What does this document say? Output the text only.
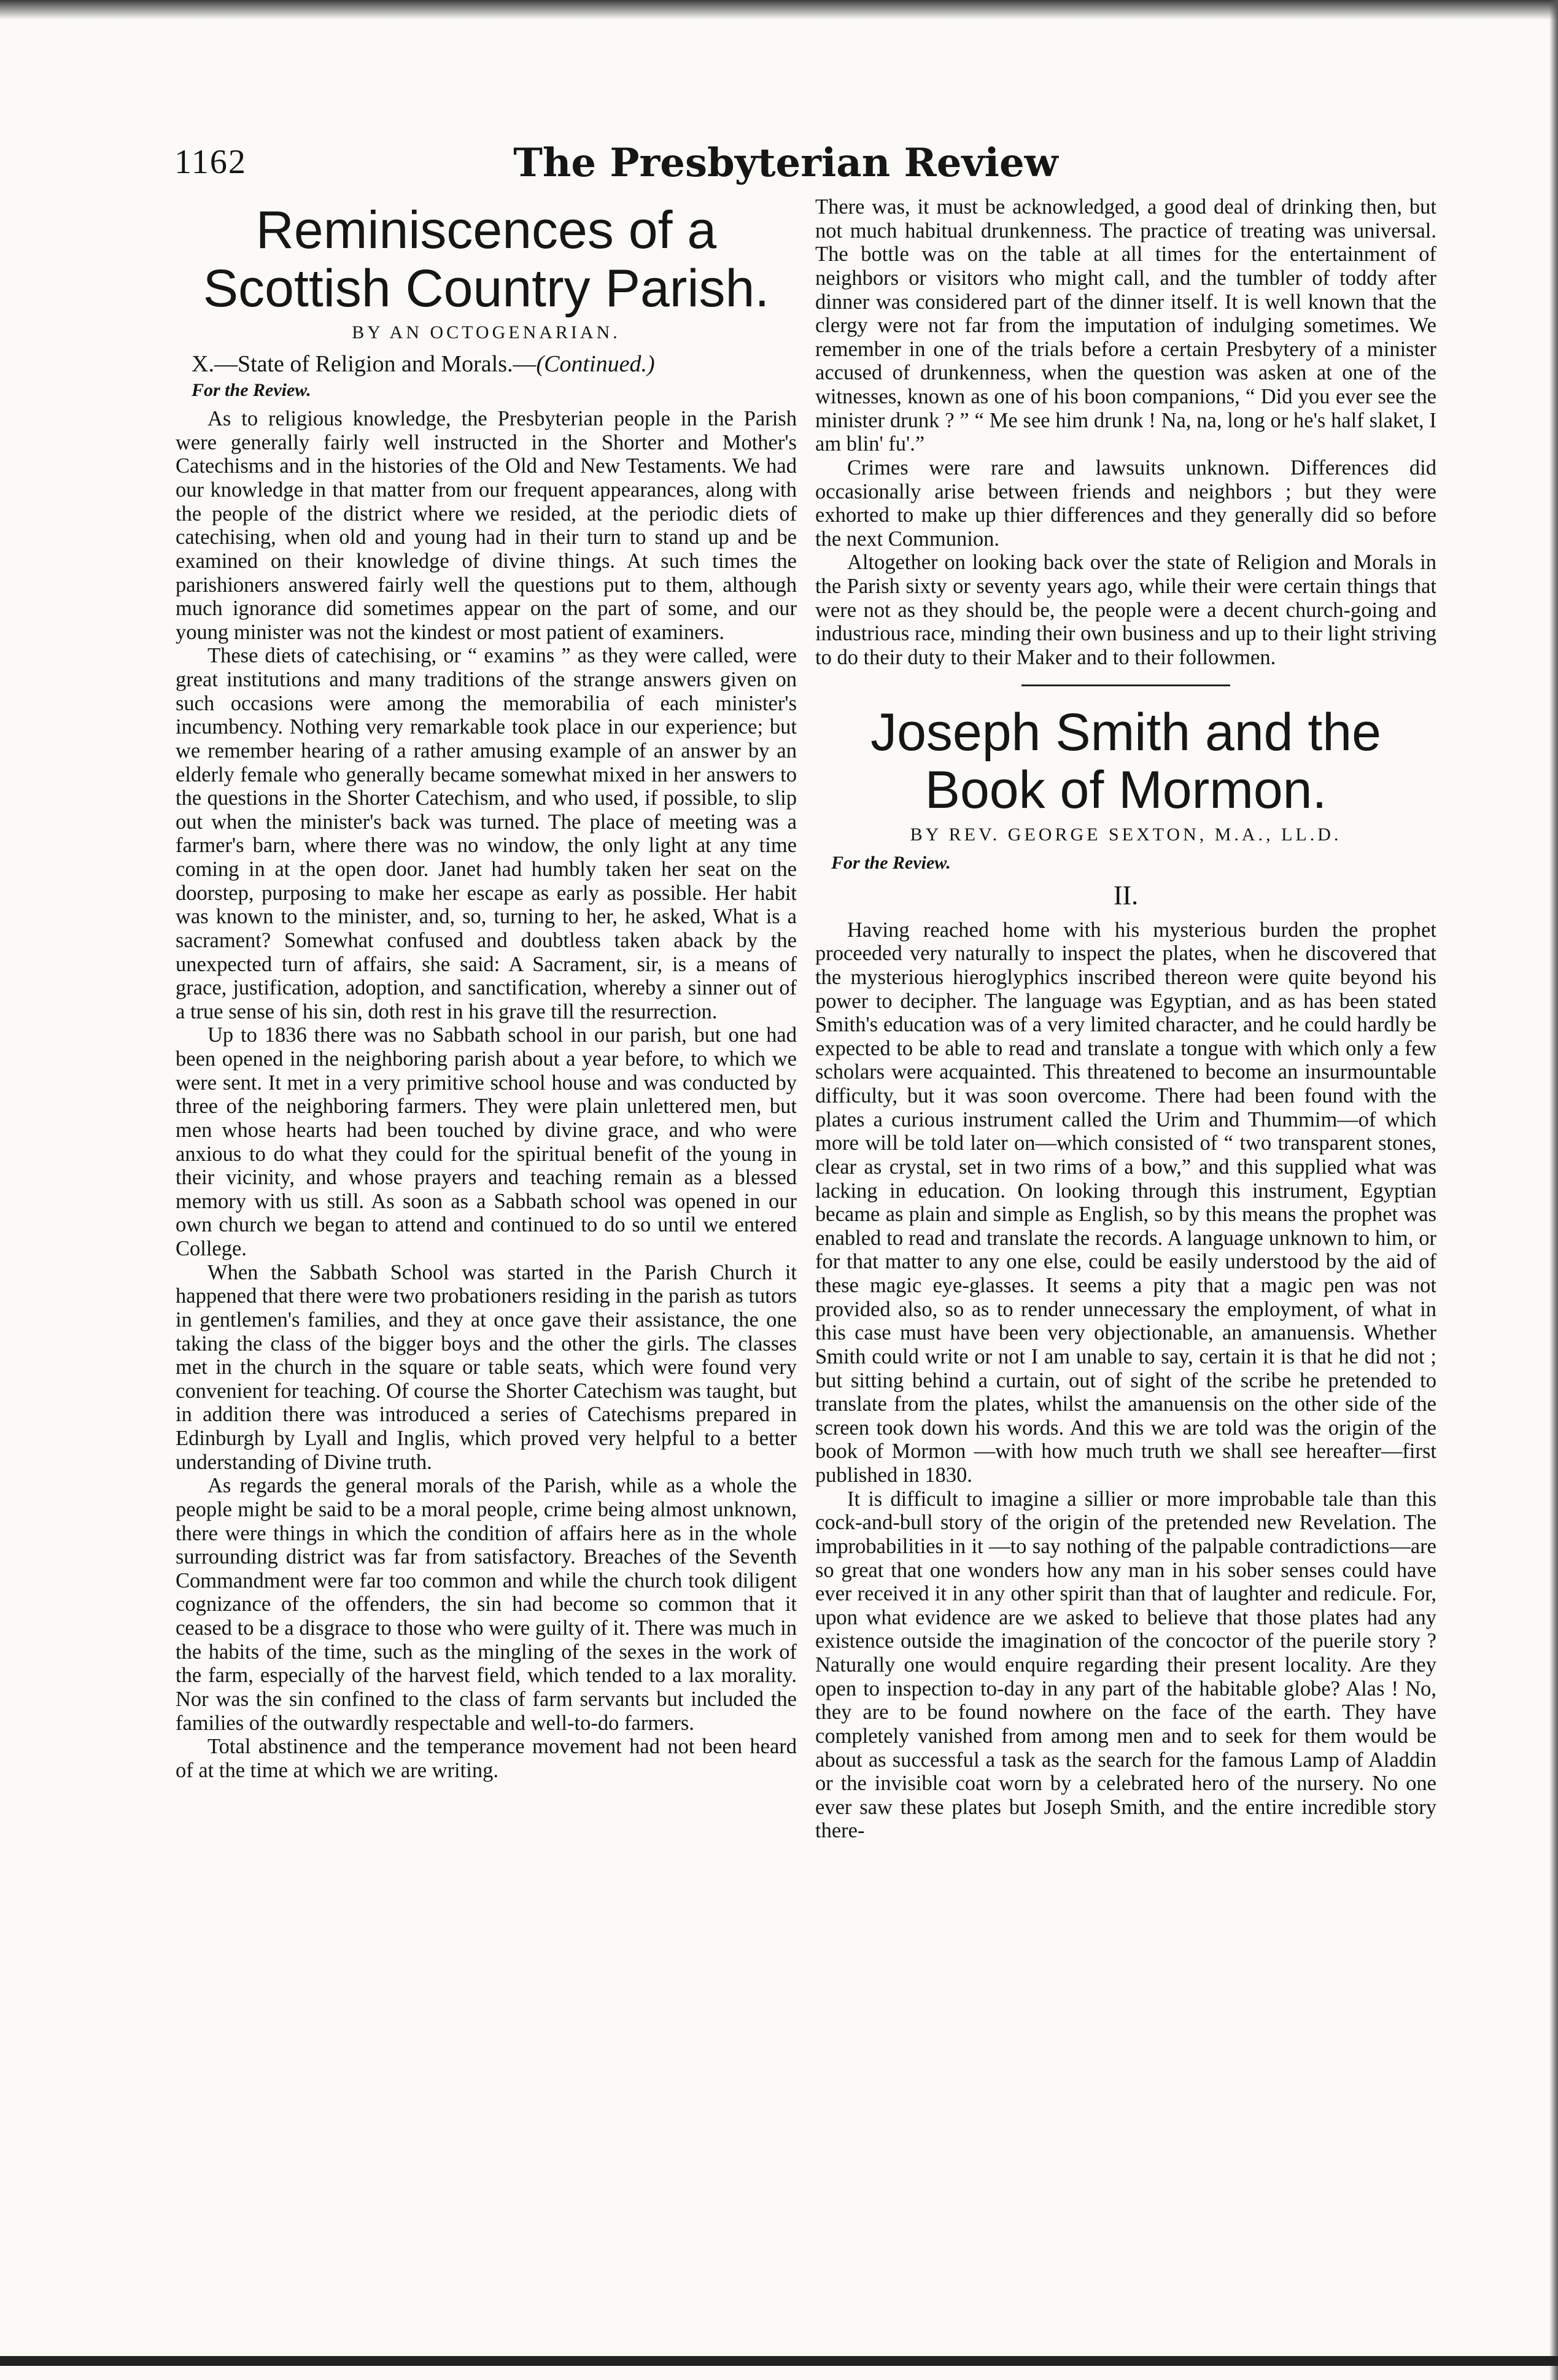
1162	The Presbyterian Review
Reminiscences of a Scottish Country Parish.
BY AN OCTOGENARIAN.
X.—State of Religion and Morals.—(Continued.)
For the Review.

As to religious knowledge, the Presbyterian people in the Parish were generally fairly well instructed in the Shorter and Mother's Catechisms and in the histories of the Old and New Testaments. We had our knowledge in that matter from our frequent appearances, along with the people of the district where we resided, at the periodic diets of catechising, when old and young had in their turn to stand up and be examined on their knowledge of divine things. At such times the parishioners answered fairly well the questions put to them, although much ignorance did sometimes appear on the part of some, and our young minister was not the kindest or most patient of examiners.

These diets of catechising, or “ examins ” as they were called, were great institutions and many traditions of the strange answers given on such occasions were among the memorabilia of each minister's incumbency. Nothing very remarkable took place in our experience; but we remember hearing of a rather amusing example of an answer by an elderly female who generally became somewhat mixed in her answers to the questions in the Shorter Catechism, and who used, if possible, to slip out when the minister's back was turned. The place of meeting was a farmer's barn, where there was no window, the only light at any time coming in at the open door. Janet had humbly taken her seat on the doorstep, purposing to make her escape as early as possible. Her habit was known to the minister, and, so, turning to her, he asked, What is a sacrament? Somewhat confused and doubtless taken aback by the unexpected turn of affairs, she said: A Sacrament, sir, is a means of grace, justification, adoption, and sanctification, whereby a sinner out of a true sense of his sin, doth rest in his grave till the resurrection.

Up to 1836 there was no Sabbath school in our parish, but one had been opened in the neighboring parish about a year before, to which we were sent. It met in a very primitive school house and was conducted by three of the neighboring farmers. They were plain unlettered men, but men whose hearts had been touched by divine grace, and who were anxious to do what they could for the spiritual benefit of the young in their vicinity, and whose prayers and teaching remain as a blessed memory with us still. As soon as a Sabbath school was opened in our own church we began to attend and continued to do so until we entered College.

When the Sabbath School was started in the Parish Church it happened that there were two probationers residing in the parish as tutors in gentlemen's families, and they at once gave their assistance, the one taking the class of the bigger boys and the other the girls. The classes met in the church in the square or table seats, which were found very convenient for teaching. Of course the Shorter Catechism was taught, but in addition there was introduced a series of Catechisms prepared in Edinburgh by Lyall and Inglis, which proved very helpful to a better understanding of Divine truth.

As regards the general morals of the Parish, while as a whole the people might be said to be a moral people, crime being almost unknown, there were things in which the condition of affairs here as in the whole surrounding district was far from satisfactory. Breaches of the Seventh Commandment were far too common and while the church took diligent cognizance of the offenders, the sin had become so common that it ceased to be a disgrace to those who were guilty of it. There was much in the habits of the time, such as the mingling of the sexes in the work of the farm, especially of the harvest field, which tended to a lax morality. Nor was the sin confined to the class of farm servants but included the families of the outwardly respectable and well-to-do farmers.

Total abstinence and the temperance movement had not been heard of at the time at which we are writing.

There was, it must be acknowledged, a good deal of drinking then, but not much habitual drunkenness. The practice of treating was universal. The bottle was on the table at all times for the entertainment of neighbors or visitors who might call, and the tumbler of toddy after dinner was considered part of the dinner itself. It is well known that the clergy were not far from the imputation of indulging sometimes. We remember in one of the trials before a certain Presbytery of a minister accused of drunkenness, when the question was asken at one of the witnesses, known as one of his boon companions, “ Did you ever see the minister drunk ? ” “ Me see him drunk ! Na, na, long or he's half slaket, I am blin' fu'.”

Crimes were rare and lawsuits unknown. Differences did occasionally arise between friends and neighbors ; but they were exhorted to make up thier differences and they generally did so before the next Communion.

Altogether on looking back over the state of Religion and Morals in the Parish sixty or seventy years ago, while their were certain things that were not as they should be, the people were a decent church-going and industrious race, minding their own business and up to their light striving to do their duty to their Maker and to their followmen.

Joseph Smith and the Book of Mormon.
BY REV. GEORGE SEXTON, M.A., LL.D.
For the Review.
II.

Having reached home with his mysterious burden the prophet proceeded very naturally to inspect the plates, when he discovered that the mysterious hieroglyphics inscribed thereon were quite beyond his power to decipher. The language was Egyptian, and as has been stated Smith's education was of a very limited character, and he could hardly be expected to be able to read and translate a tongue with which only a few scholars were acquainted. This threatened to become an insurmountable difficulty, but it was soon overcome. There had been found with the plates a curious instrument called the Urim and Thummim—of which more will be told later on—which consisted of “ two transparent stones, clear as crystal, set in two rims of a bow,” and this supplied what was lacking in education. On looking through this instrument, Egyptian became as plain and simple as English, so by this means the prophet was enabled to read and translate the records. A language unknown to him, or for that matter to any one else, could be easily understood by the aid of these magic eye-glasses. It seems a pity that a magic pen was not provided also, so as to render unnecessary the employment, of what in this case must have been very objectionable, an amanuensis. Whether Smith could write or not I am unable to say, certain it is that he did not ; but sitting behind a curtain, out of sight of the scribe he pretended to translate from the plates, whilst the amanuensis on the other side of the screen took down his words. And this we are told was the origin of the book of Mormon —with how much truth we shall see hereafter—first published in 1830.

It is difficult to imagine a sillier or more improbable tale than this cock-and-bull story of the origin of the pretended new Revelation. The improbabilities in it —to say nothing of the palpable contradictions—are so great that one wonders how any man in his sober senses could have ever received it in any other spirit than that of laughter and redicule. For, upon what evidence are we asked to believe that those plates had any existence outside the imagination of the concoctor of the puerile story ? Naturally one would enquire regarding their present locality. Are they open to inspection to-day in any part of the habitable globe? Alas ! No, they are to be found nowhere on the face of the earth. They have completely vanished from among men and to seek for them would be about as successful a task as the search for the famous Lamp of Aladdin or the invisible coat worn by a celebrated hero of the nursery. No one ever saw these plates but Joseph Smith, and the entire incredible story there-
